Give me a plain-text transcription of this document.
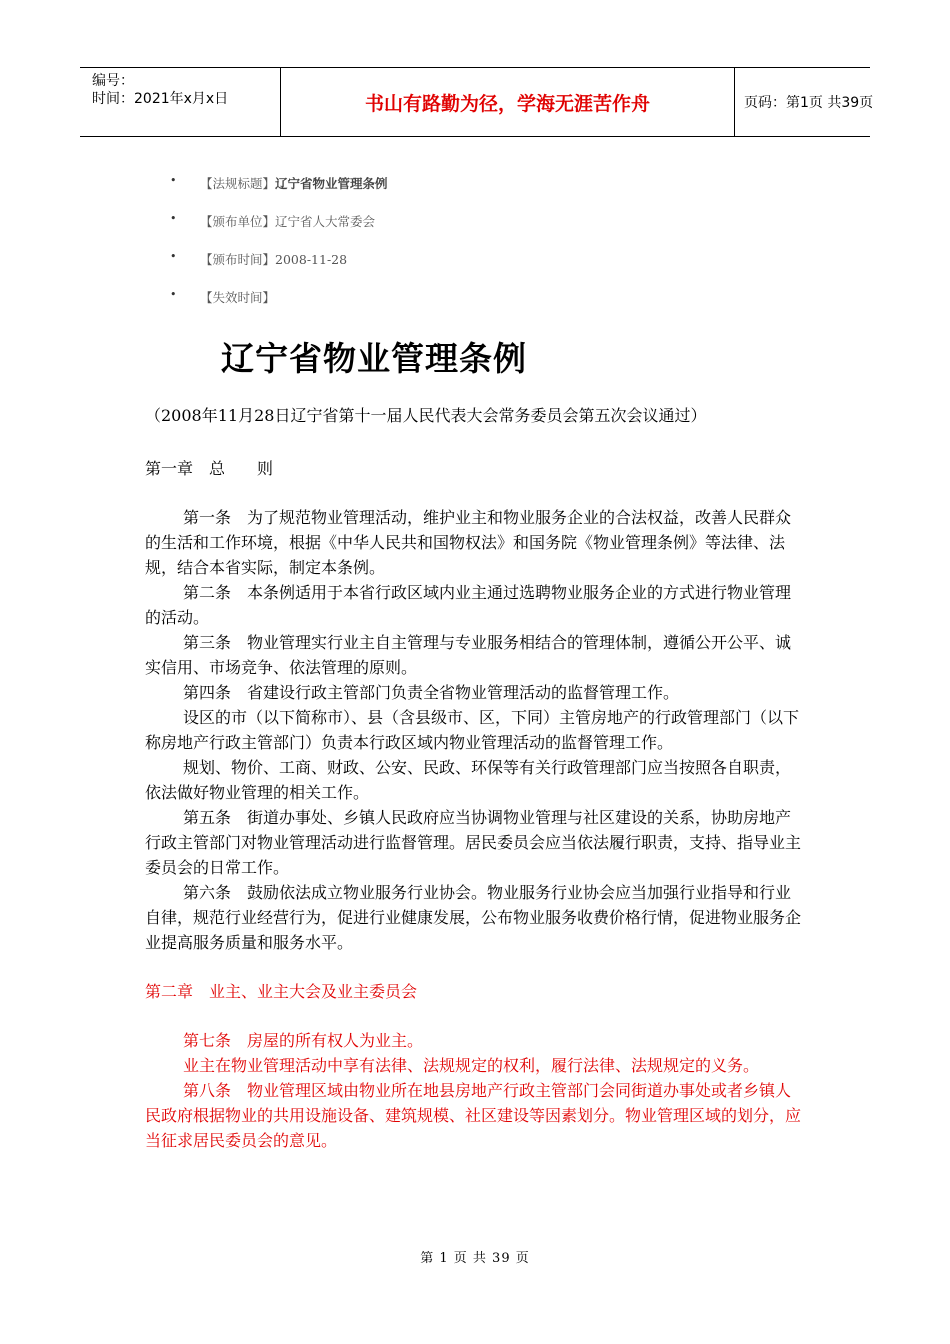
编号：
时间：2021年x月x日	书山有路勤为径，学海无涯苦作舟	页码：第1页 共39页
• 【法规标题】辽宁省物业管理条例
• 【颁布单位】辽宁省人大常委会
• 【颁布时间】2008-11-28
• 【失效时间】
辽宁省物业管理条例

（2008年11月28日辽宁省第十一届人民代表大会常务委员会第五次会议通过）

第一章　总　　则

第一条　为了规范物业管理活动，维护业主和物业服务企业的合法权益，改善人民群众的生活和工作环境，根据《中华人民共和国物权法》和国务院《物业管理条例》等法律、法规，结合本省实际，制定本条例。

第二条　本条例适用于本省行政区域内业主通过选聘物业服务企业的方式进行物业管理的活动。

第三条　物业管理实行业主自主管理与专业服务相结合的管理体制，遵循公开公平、诚实信用、市场竞争、依法管理的原则。

第四条　省建设行政主管部门负责全省物业管理活动的监督管理工作。

设区的市（以下简称市）、县（含县级市、区，下同）主管房地产的行政管理部门（以下称房地产行政主管部门）负责本行政区域内物业管理活动的监督管理工作。

规划、物价、工商、财政、公安、民政、环保等有关行政管理部门应当按照各自职责，依法做好物业管理的相关工作。

第五条　街道办事处、乡镇人民政府应当协调物业管理与社区建设的关系，协助房地产行政主管部门对物业管理活动进行监督管理。居民委员会应当依法履行职责，支持、指导业主委员会的日常工作。

第六条　鼓励依法成立物业服务行业协会。物业服务行业协会应当加强行业指导和行业自律，规范行业经营行为，促进行业健康发展，公布物业服务收费价格行情，促进物业服务企业提高服务质量和服务水平。

第二章　业主、业主大会及业主委员会

第七条　房屋的所有权人为业主。

业主在物业管理活动中享有法律、法规规定的权利，履行法律、法规规定的义务。

第八条　物业管理区域由物业所在地县房地产行政主管部门会同街道办事处或者乡镇人民政府根据物业的共用设施设备、建筑规模、社区建设等因素划分。物业管理区域的划分，应当征求居民委员会的意见。

第 1 页 共 39 页
